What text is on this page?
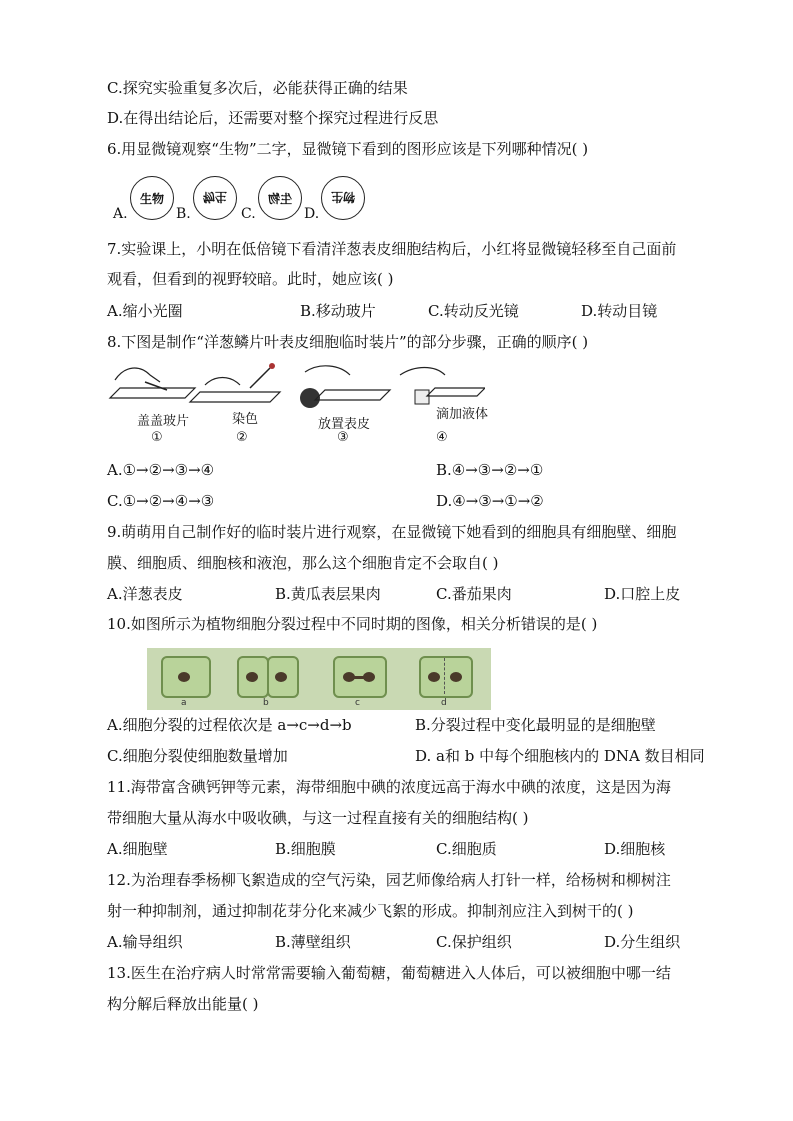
C.探究实验重复多次后，必能获得正确的结果
D.在得出结论后，还需要对整个探究过程进行反思
6.用显微镜观察“生物”二字，显微镜下看到的图形应该是下列哪种情况( )
A.
生物
B.
物生
C.
生物
D.
物生
7.实验课上，小明在低倍镜下看清洋葱表皮细胞结构后，小红将显微镜轻移至自己面前
观看，但看到的视野较暗。此时，她应该( )
A.缩小光圈	B.移动玻片	C.转动反光镜	D.转动目镜
8.下图是制作“洋葱鳞片叶表皮细胞临时装片”的部分步骤，正确的顺序( )
盖盖玻片
①
染色
②
放置表皮
③
滴加液体
④
A.①→②→③→④	B.④→③→②→①
C.①→②→④→③	D.④→③→①→②
9.萌萌用自己制作好的临时装片进行观察，在显微镜下她看到的细胞具有细胞壁、细胞
膜、细胞质、细胞核和液泡，那么这个细胞肯定不会取自( )
A.洋葱表皮	B.黄瓜表层果肉	C.番茄果肉	D.口腔上皮
10.如图所示为植物细胞分裂过程中不同时期的图像，相关分析错误的是( )
a	b	c	d
A.细胞分裂的过程依次是 a→c→d→b	B.分裂过程中变化最明显的是细胞壁
C.细胞分裂使细胞数量增加	D. a和 b 中每个细胞核内的 DNA 数目相同
11.海带富含碘钙钾等元素，海带细胞中碘的浓度远高于海水中碘的浓度，这是因为海
带细胞大量从海水中吸收碘，与这一过程直接有关的细胞结构( )
A.细胞壁	B.细胞膜	C.细胞质	D.细胞核
12.为治理春季杨柳飞絮造成的空气污染，园艺师像给病人打针一样，给杨树和柳树注
射一种抑制剂，通过抑制花芽分化来减少飞絮的形成。抑制剂应注入到树干的( )
A.输导组织	B.薄壁组织	C.保护组织	D.分生组织
13.医生在治疗病人时常常需要输入葡萄糖，葡萄糖进入人体后，可以被细胞中哪一结
构分解后释放出能量( )
